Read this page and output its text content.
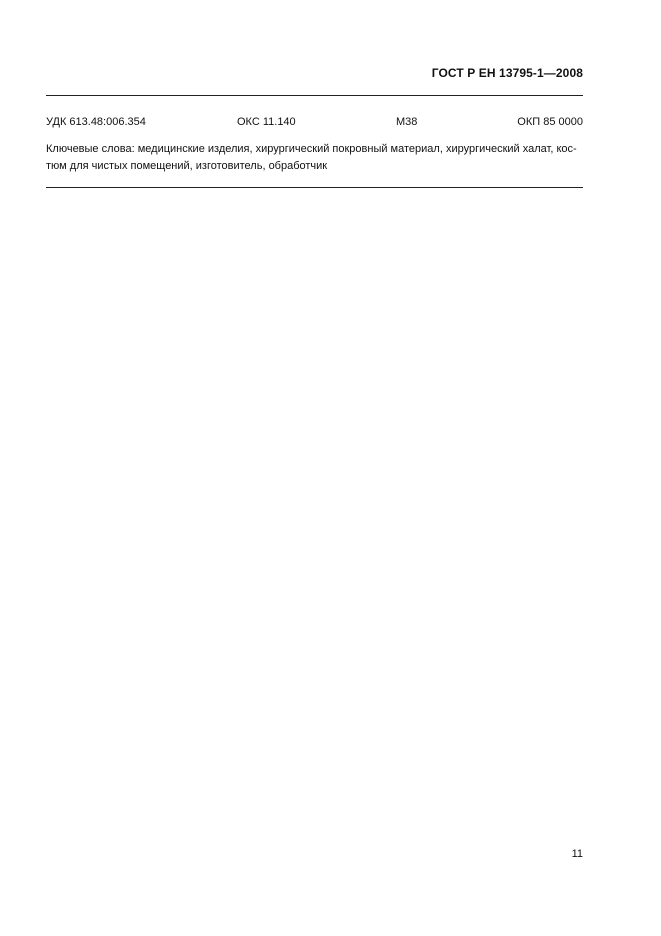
ГОСТ Р ЕН 13795-1—2008
УДК 613.48:006.354	ОКС 11.140	М38	ОКП 85 0000
Ключевые слова: медицинские изделия, хирургический покровный материал, хирургический халат, кос-
тюм для чистых помещений, изготовитель, обработчик
11
